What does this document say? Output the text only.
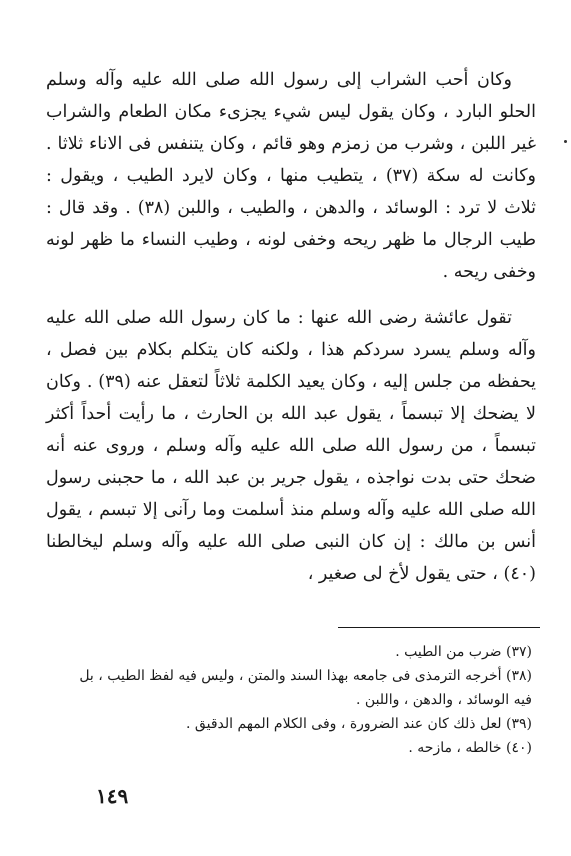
وكان أحب الشراب إلى رسول الله صلى الله عليه وآله وسلم الحلو البارد ، وكان يقول ليس شيء يجزىء مكان الطعام والشراب غير اللبن ، وشرب من زمزم وهو قائم ، وكان يتنفس فى الاناء ثلاثا . وكانت له سكة (٣٧) ، يتطيب منها ، وكان لايرد الطيب ، ويقول : ثلاث لا ترد : الوسائد ، والدهن ، والطيب ، واللبن (٣٨) . وقد قال : طيب الرجال ما ظهر ريحه وخفى لونه ، وطيب النساء ما ظهر لونه وخفى ريحه .

تقول عائشة رضى الله عنها : ما كان رسول الله صلى الله عليه وآله وسلم يسرد سردكم هذا ، ولكنه كان يتكلم بكلام بين فصل ، يحفظه من جلس إليه ، وكان يعيد الكلمة ثلاثاً لتعقل عنه (٣٩) . وكان لا يضحك إلا تبسماً ، يقول عبد الله بن الحارث ، ما رأيت أحداً أكثر تبسماً ، من رسول الله صلى الله عليه وآله وسلم ، وروى عنه أنه ضحك حتى بدت نواجذه ، يقول جرير بن عبد الله ، ما حجبنى رسول الله صلى الله عليه وآله وسلم منذ أسلمت وما رآنى إلا تبسم ، يقول أنس بن مالك : إن كان النبى صلى الله عليه وآله وسلم ليخالطنا (٤٠) ، حتى يقول لأخ لى صغير ،

(٣٧) ضرب من الطيب .

(٣٨) أخرجه الترمذى فى جامعه بهذا السند والمتن ، وليس فيه لفظ الطيب ، بل فيه الوسائد ، والدهن ، واللبن .

(٣٩) لعل ذلك كان عند الضرورة ، وفى الكلام المهم الدقيق .

(٤٠) خالطه ، مازحه .

١٤٩
